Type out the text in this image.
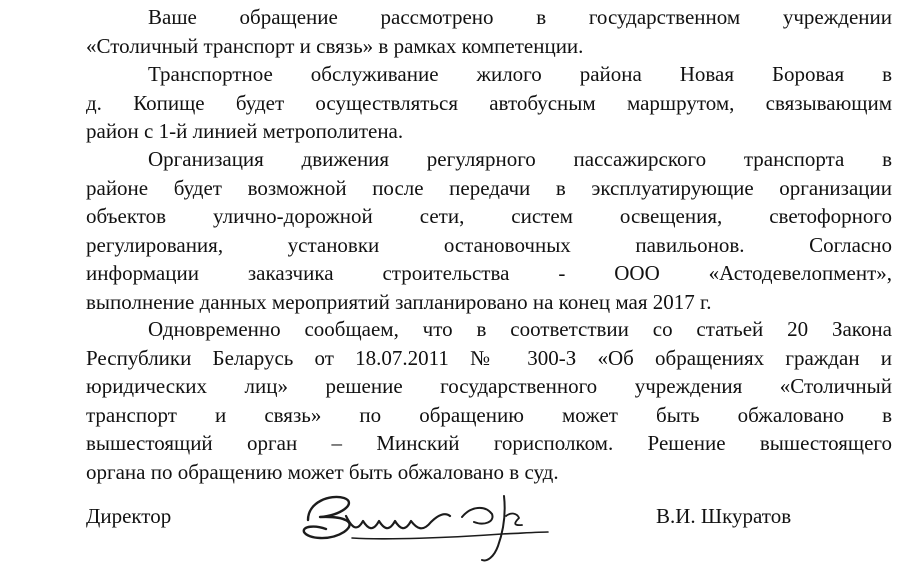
Ваше обращение рассмотрено в государственном учреждении
«Столичный транспорт и связь» в рамках компетенции.
Транспортное обслуживание жилого района Новая Боровая в
д. Копище будет осуществляться автобусным маршрутом, связывающим
район с 1-й линией метрополитена.
Организация движения регулярного пассажирского транспорта в
районе будет возможной после передачи в эксплуатирующие организации
объектов улично-дорожной сети, систем освещения, светофорного
регулирования, установки остановочных павильонов. Согласно
информации заказчика строительства - ООО «Астодевелопмент»,
выполнение данных мероприятий запланировано на конец мая 2017 г.
Одновременно сообщаем, что в соответствии со статьей 20 Закона
Республики Беларусь от 18.07.2011 № 300-З «Об обращениях граждан и
юридических лиц» решение государственного учреждения «Столичный
транспорт и связь» по обращению может быть обжаловано в
вышестоящий орган – Минский горисполком. Решение вышестоящего
органа по обращению может быть обжаловано в суд.
Директор	В.И. Шкуратов
